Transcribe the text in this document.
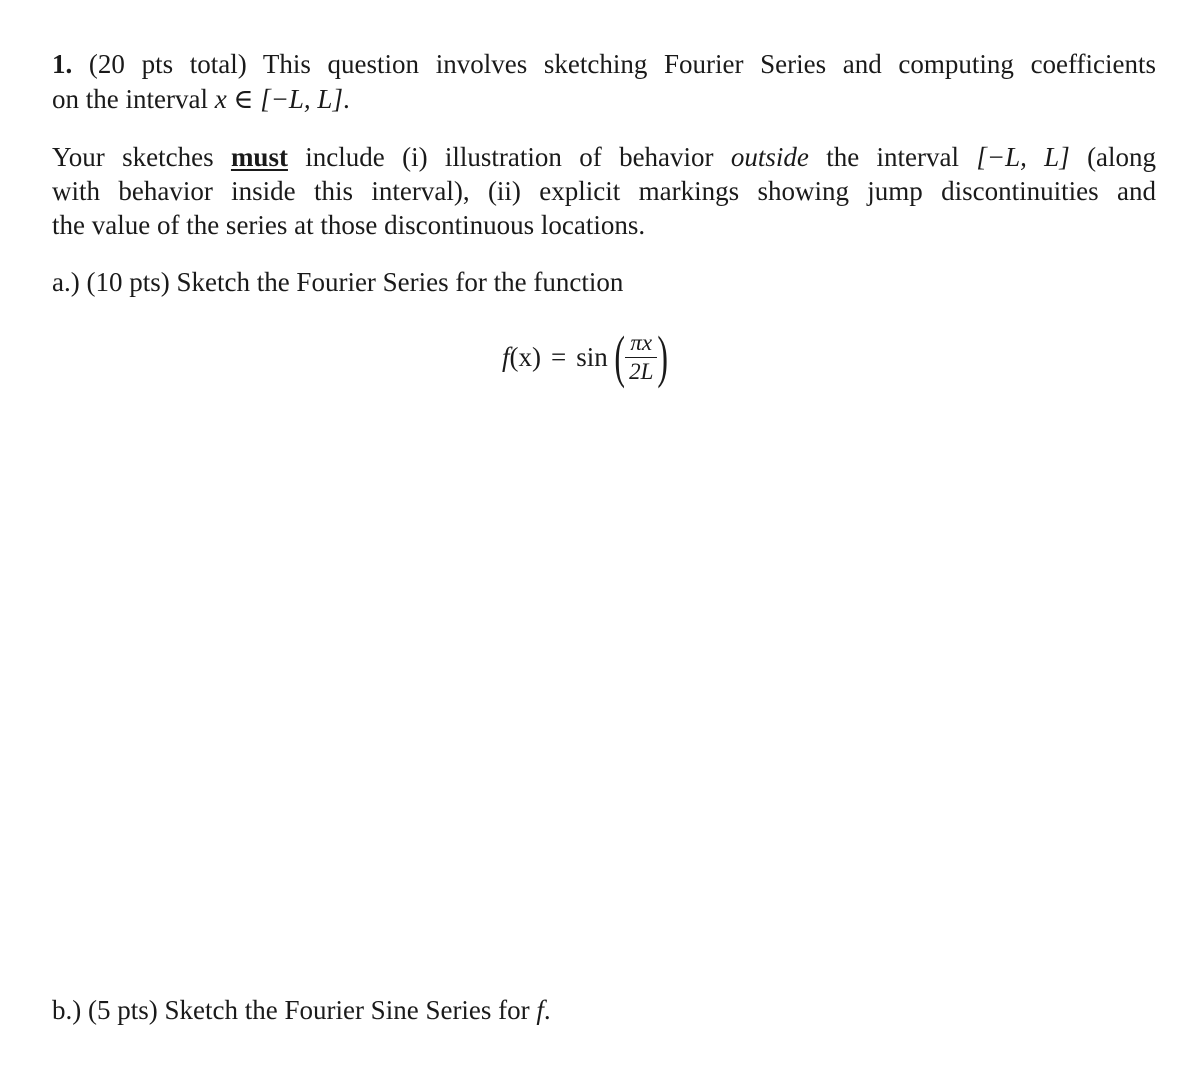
1. (20 pts total) This question involves sketching Fourier Series and computing coefficients
on the interval x ∈ [−L, L].
Your sketches must include (i) illustration of behavior outside the interval [−L, L] (along
with behavior inside this interval), (ii) explicit markings showing jump discontinuities and
the value of the series at those discontinuous locations.
a.) (10 pts) Sketch the Fourier Series for the function
f (x) = sin ( $\frac{\pi x}{2L}$ )
b.) (5 pts) Sketch the Fourier Sine Series for f.
